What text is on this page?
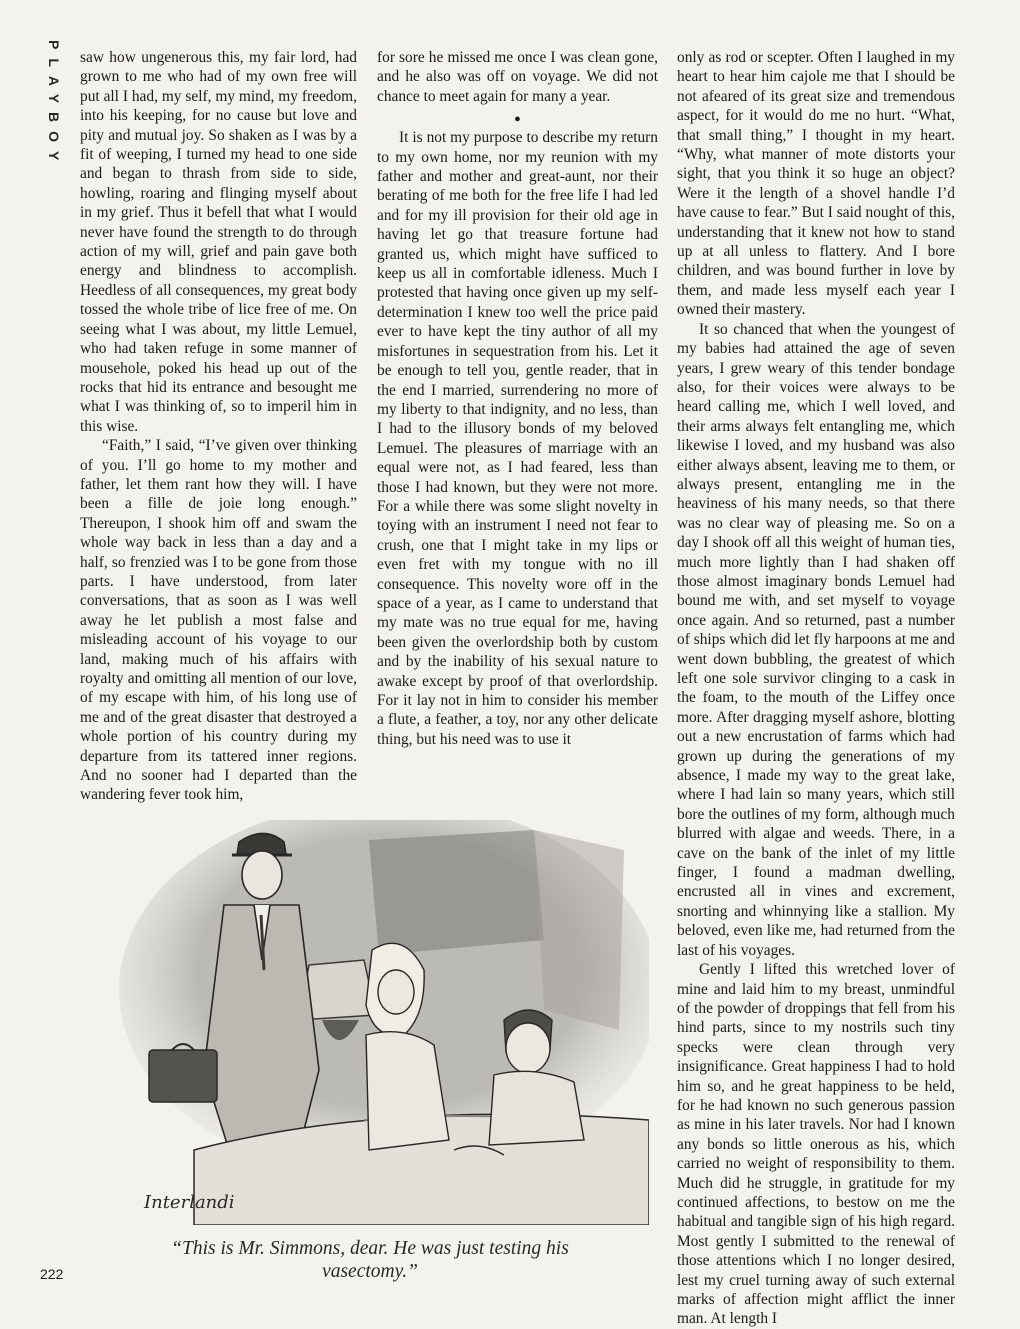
PLAYBOY saw how ungenerous this, my fair lord, had grown to me who had of my own free will put all I had, my self, my mind, my freedom, into his keeping, for no cause but love and pity and mutual joy. So shaken as I was by a fit of weeping, I turned my head to one side and began to thrash from side to side, howling, roaring and flinging myself about in my grief. Thus it befell that what I would never have found the strength to do through action of my will, grief and pain gave both energy and blindness to accomplish. Heedless of all consequences, my great body tossed the whole tribe of lice free of me. On seeing what I was about, my little Lemuel, who had taken refuge in some manner of mousehole, poked his head up out of the rocks that hid its entrance and besought me what I was thinking of, so to imperil him in this wise.

“Faith,” I said, “I’ve given over thinking of you. I’ll go home to my mother and father, let them rant how they will. I have been a fille de joie long enough.” Thereupon, I shook him off and swam the whole way back in less than a day and a half, so frenzied was I to be gone from those parts. I have understood, from later conversations, that as soon as I was well away he let publish a most false and misleading account of his voyage to our land, making much of his affairs with royalty and omitting all mention of our love, of my escape with him, of his long use of me and of the great disaster that destroyed a whole portion of his country during my departure from its tattered inner regions. And no sooner had I departed than the wandering fever took him,

for sore he missed me once I was clean gone, and he also was off on voyage. We did not chance to meet again for many a year.

●

It is not my purpose to describe my return to my own home, nor my reunion with my father and mother and great-aunt, nor their berating of me both for the free life I had led and for my ill provision for their old age in having let go that treasure fortune had granted us, which might have sufficed to keep us all in comfortable idleness. Much I protested that having once given up my self-determination I knew too well the price paid ever to have kept the tiny author of all my misfortunes in sequestration from his. Let it be enough to tell you, gentle reader, that in the end I married, surrendering no more of my liberty to that indignity, and no less, than I had to the illusory bonds of my beloved Lemuel. The pleasures of marriage with an equal were not, as I had feared, less than those I had known, but they were not more. For a while there was some slight novelty in toying with an instrument I need not fear to crush, one that I might take in my lips or even fret with my tongue with no ill consequence. This novelty wore off in the space of a year, as I came to understand that my mate was no true equal for me, having been given the overlordship both by custom and by the inability of his sexual nature to awake except by proof of that overlordship. For it lay not in him to consider his member a flute, a feather, a toy, nor any other delicate thing, but his need was to use it

only as rod or scepter. Often I laughed in my heart to hear him cajole me that I should be not afeared of its great size and tremendous aspect, for it would do me no hurt. “What, that small thing,” I thought in my heart. “Why, what manner of mote distorts your sight, that you think it so huge an object? Were it the length of a shovel handle I’d have cause to fear.” But I said nought of this, understanding that it knew not how to stand up at all unless to flattery. And I bore children, and was bound further in love by them, and made less myself each year I owned their mastery.

It so chanced that when the youngest of my babies had attained the age of seven years, I grew weary of this tender bondage also, for their voices were always to be heard calling me, which I well loved, and their arms always felt entangling me, which likewise I loved, and my husband was also either always absent, leaving me to them, or always present, entangling me in the heaviness of his many needs, so that there was no clear way of pleasing me. So on a day I shook off all this weight of human ties, much more lightly than I had shaken off those almost imaginary bonds Lemuel had bound me with, and set myself to voyage once again. And so returned, past a number of ships which did let fly harpoons at me and went down bubbling, the greatest of which left one sole survivor clinging to a cask in the foam, to the mouth of the Liffey once more. After dragging myself ashore, blotting out a new encrustation of farms which had grown up during the generations of my absence, I made my way to the great lake, where I had lain so many years, which still bore the outlines of my form, although much blurred with algae and weeds. There, in a cave on the bank of the inlet of my little finger, I found a madman dwelling, encrusted all in vines and excrement, snorting and whinnying like a stallion. My beloved, even like me, had returned from the last of his voyages.

Gently I lifted this wretched lover of mine and laid him to my breast, unmindful of the powder of droppings that fell from his hind parts, since to my nostrils such tiny specks were clean through very insignificance. Great happiness I had to hold him so, and he great happiness to be held, for he had known no such generous passion as mine in his later travels. Nor had I known any bonds so little onerous as his, which carried no weight of responsibility to them. Much did he struggle, in gratitude for my continued affections, to bestow on me the habitual and tangible sign of his high regard. Most gently I submitted to the renewal of those attentions which I no longer desired, lest my cruel turning away of such external marks of affection might afflict the inner man. At length I

Interlandi
“This is Mr. Simmons, dear. He was just testing his vasectomy.”
222
